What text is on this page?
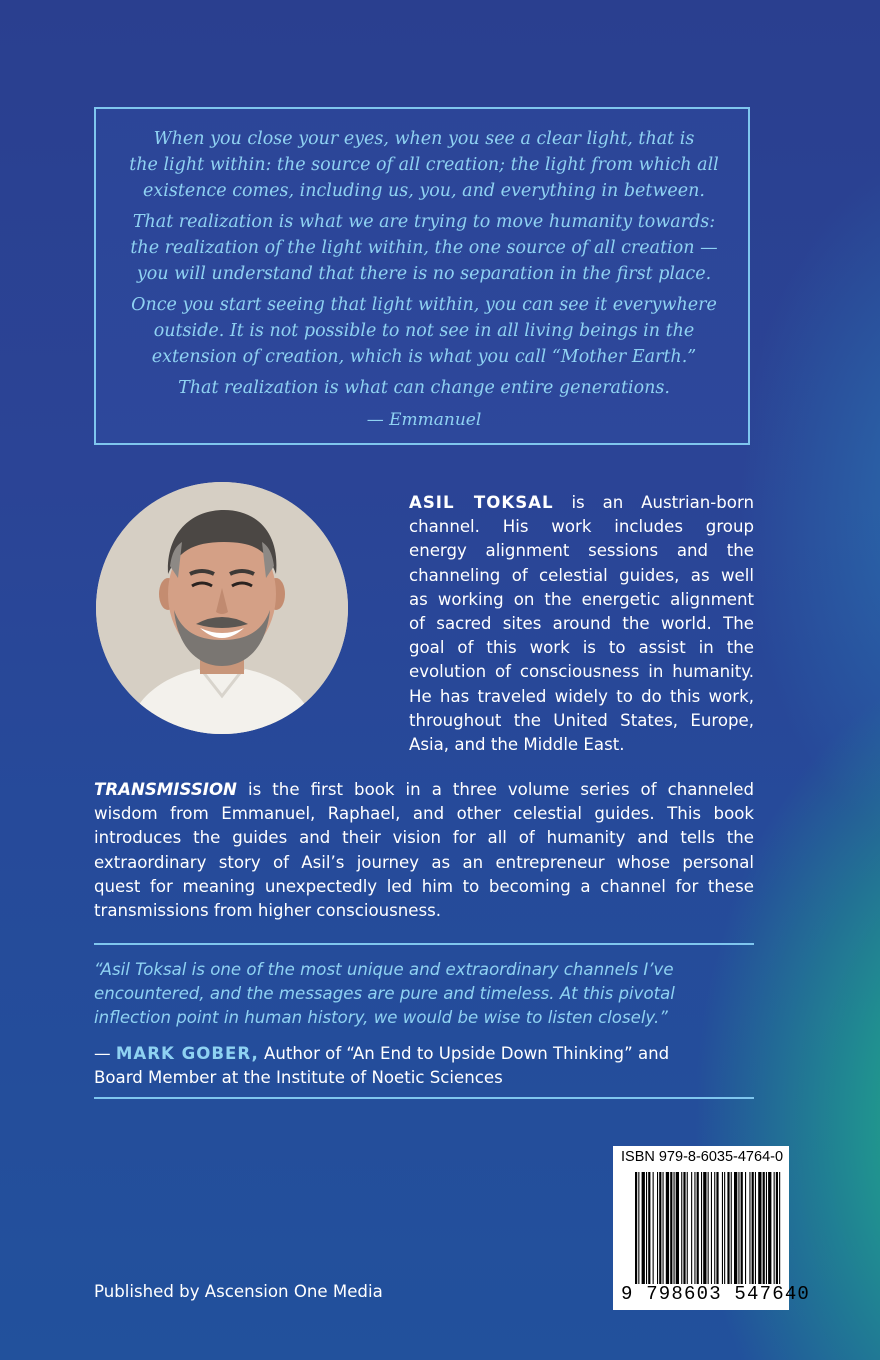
When you close your eyes, when you see a clear light, that is

the light within: the source of all creation; the light from which all

existence comes, including us, you, and everything in between.

That realization is what we are trying to move humanity towards:

the realization of the light within, the one source of all creation —

you will understand that there is no separation in the first place.

Once you start seeing that light within, you can see it everywhere

outside. It is not possible to not see in all living beings in the

extension of creation, which is what you call “Mother Earth.”

That realization is what can change entire generations.

— Emmanuel

ASIL TOKSAL is an Austrian-born

channel. His work includes group

energy alignment sessions and the

channeling of celestial guides, as well

as working on the energetic alignment

of sacred sites around the world. The

goal of this work is to assist in the

evolution of consciousness in humanity.

He has traveled widely to do this work,

throughout the United States, Europe,

Asia, and the Middle East.

TRANSMISSION is the first book in a three volume series of channeled

wisdom from Emmanuel, Raphael, and other celestial guides. This book

introduces the guides and their vision for all of humanity and tells the

extraordinary story of Asil’s journey as an entrepreneur whose personal

quest for meaning unexpectedly led him to becoming a channel for these

transmissions from higher consciousness.

“Asil Toksal is one of the most unique and extraordinary channels I’ve

encountered, and the messages are pure and timeless. At this pivotal

inflection point in human history, we would be wise to listen closely.”

— MARK GOBER, Author of “An End to Upside Down Thinking” and

Board Member at the Institute of Noetic Sciences

Published by Ascension One Media
ISBN 979-8-6035-4764-0
9 798603 547640
